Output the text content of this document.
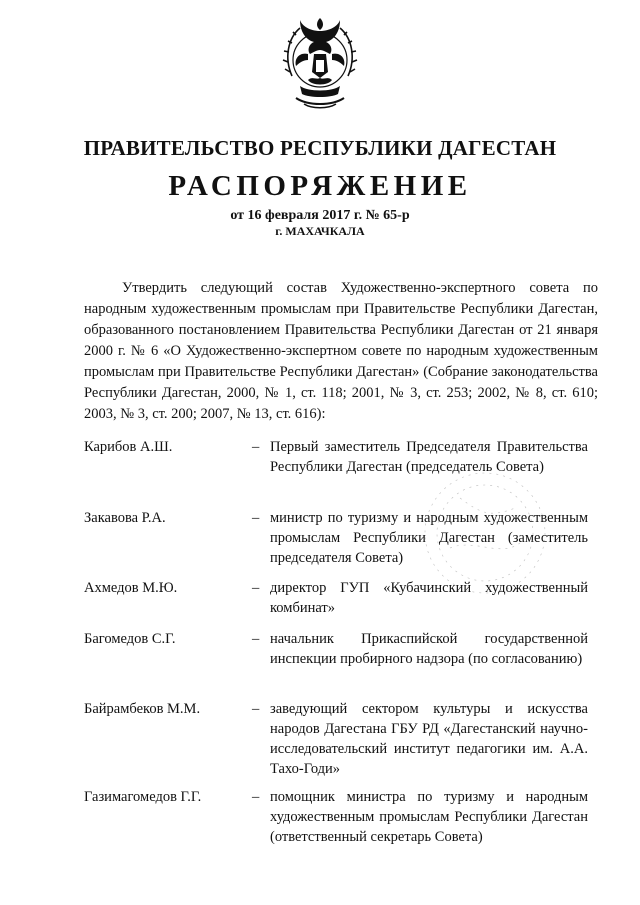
ПРАВИТЕЛЬСТВО РЕСПУБЛИКИ ДАГЕСТАН
РАСПОРЯЖЕНИЕ
от 16 февраля 2017 г. № 65-р
г. МАХАЧКАЛА
Утвердить следующий состав Художественно-экспертного совета по народным художественным промыслам при Правительстве Республики Дагестан, образованного постановлением Правительства Республики Дагестан от 21 января 2000 г. № 6 «О Художественно-экспертном совете по народным художественным промыслам при Правительстве Республики Дагестан» (Собрание законодательства Республики Дагестан, 2000, № 1, ст. 118; 2001, № 3, ст. 253; 2002, № 8, ст. 610; 2003, № 3, ст. 200; 2007, № 13, ст. 616):
Карибов А.Ш.	– Первый заместитель Председателя Правительства Республики Дагестан (председатель Совета)
Закавова Р.А.	– министр по туризму и народным художественным промыслам Республики Дагестан (заместитель председателя Совета)
Ахмедов М.Ю.	– директор ГУП «Кубачинский художественный комбинат»
Багомедов С.Г.	– начальник Прикаспийской государственной инспекции пробирного надзора (по согласованию)
Байрамбеков М.М.	– заведующий сектором культуры и искусства народов Дагестана ГБУ РД «Дагестанский научно-исследовательский институт педагогики им. А.А. Тахо-Годи»
Газимагомедов Г.Г.	– помощник министра по туризму и народным художественным промыслам Республики Дагестан (ответственный секретарь Совета)
